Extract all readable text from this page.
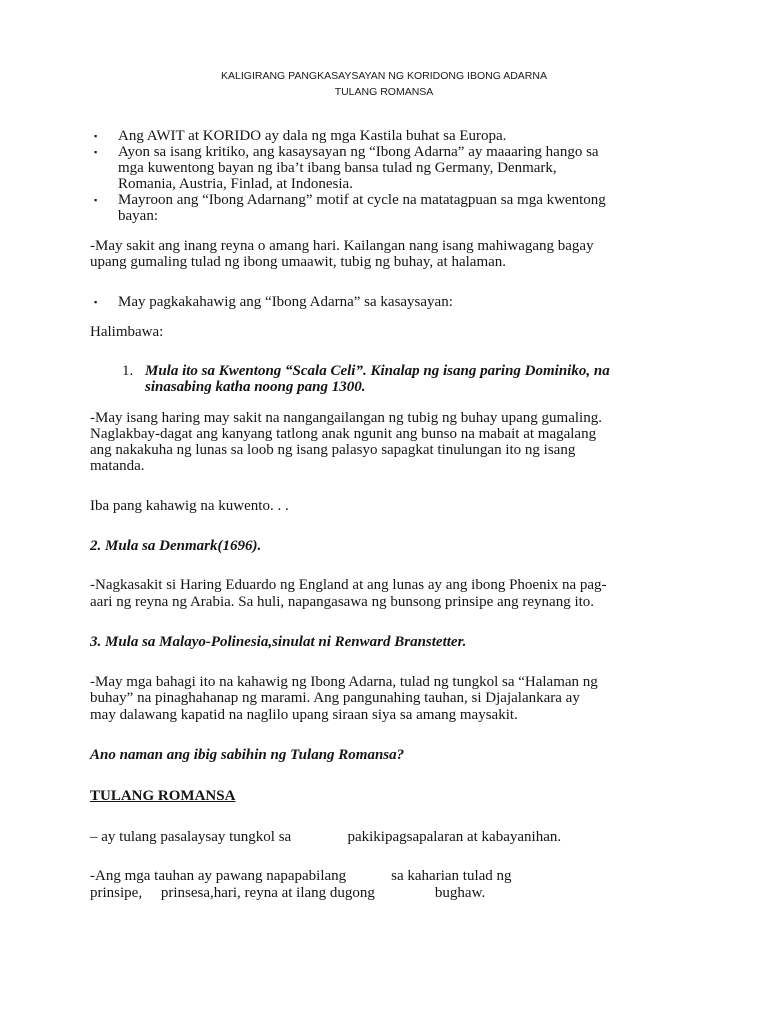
KALIGIRANG PANGKASAYSAYAN NG KORIDONG IBONG ADARNA
TULANG ROMANSA
▪ Ang AWIT at KORIDO ay dala ng mga Kastila buhat sa Europa.
▪ Ayon sa isang kritiko, ang kasaysayan ng “Ibong Adarna” ay maaaring hango sa
mga kuwentong bayan ng iba’t ibang bansa tulad ng Germany, Denmark,
Romania, Austria, Finlad, at Indonesia.
▪ Mayroon ang “Ibong Adarnang” motif at cycle na matatagpuan sa mga kwentong
bayan:
-May sakit ang inang reyna o amang hari. Kailangan nang isang mahiwagang bagay
upang gumaling tulad ng ibong umaawit, tubig ng buhay, at halaman.
▪ May pagkakahawig ang “Ibong Adarna” sa kasaysayan:
Halimbawa:
1. Mula ito sa Kwentong “Scala Celi”. Kinalap ng isang paring Dominiko, na
sinasabing katha noong pang 1300.
-May isang haring may sakit na nangangailangan ng tubig ng buhay upang gumaling.
Naglakbay-dagat ang kanyang tatlong anak ngunit ang bunso na mabait at magalang
ang nakakuha ng lunas sa loob ng isang palasyo sapagkat tinulungan ito ng isang
matanda.
Iba pang kahawig na kuwento. . .
2. Mula sa Denmark(1696).
-Nagkasakit si Haring Eduardo ng England at ang lunas ay ang ibong Phoenix na pag-
aari ng reyna ng Arabia. Sa huli, napangasawa ng bunsong prinsipe ang reynang ito.
3. Mula sa Malayo-Polinesia,sinulat ni Renward Branstetter.
-May mga bahagi ito na kahawig ng Ibong Adarna, tulad ng tungkol sa “Halaman ng
buhay” na pinaghahanap ng marami. Ang pangunahing tauhan, si Djajalankara ay
may dalawang kapatid na naglilo upang siraan siya sa amang maysakit.
Ano naman ang ibig sabihin ng Tulang Romansa?
TULANG ROMANSA
– ay tulang pasalaysay tungkol sa               pakikipagsapalaran at kabayanihan.
-Ang mga tauhan ay pawang napapabilang            sa kaharian tulad ng
prinsipe,     prinsesa,hari, reyna at ilang dugong                bughaw.
